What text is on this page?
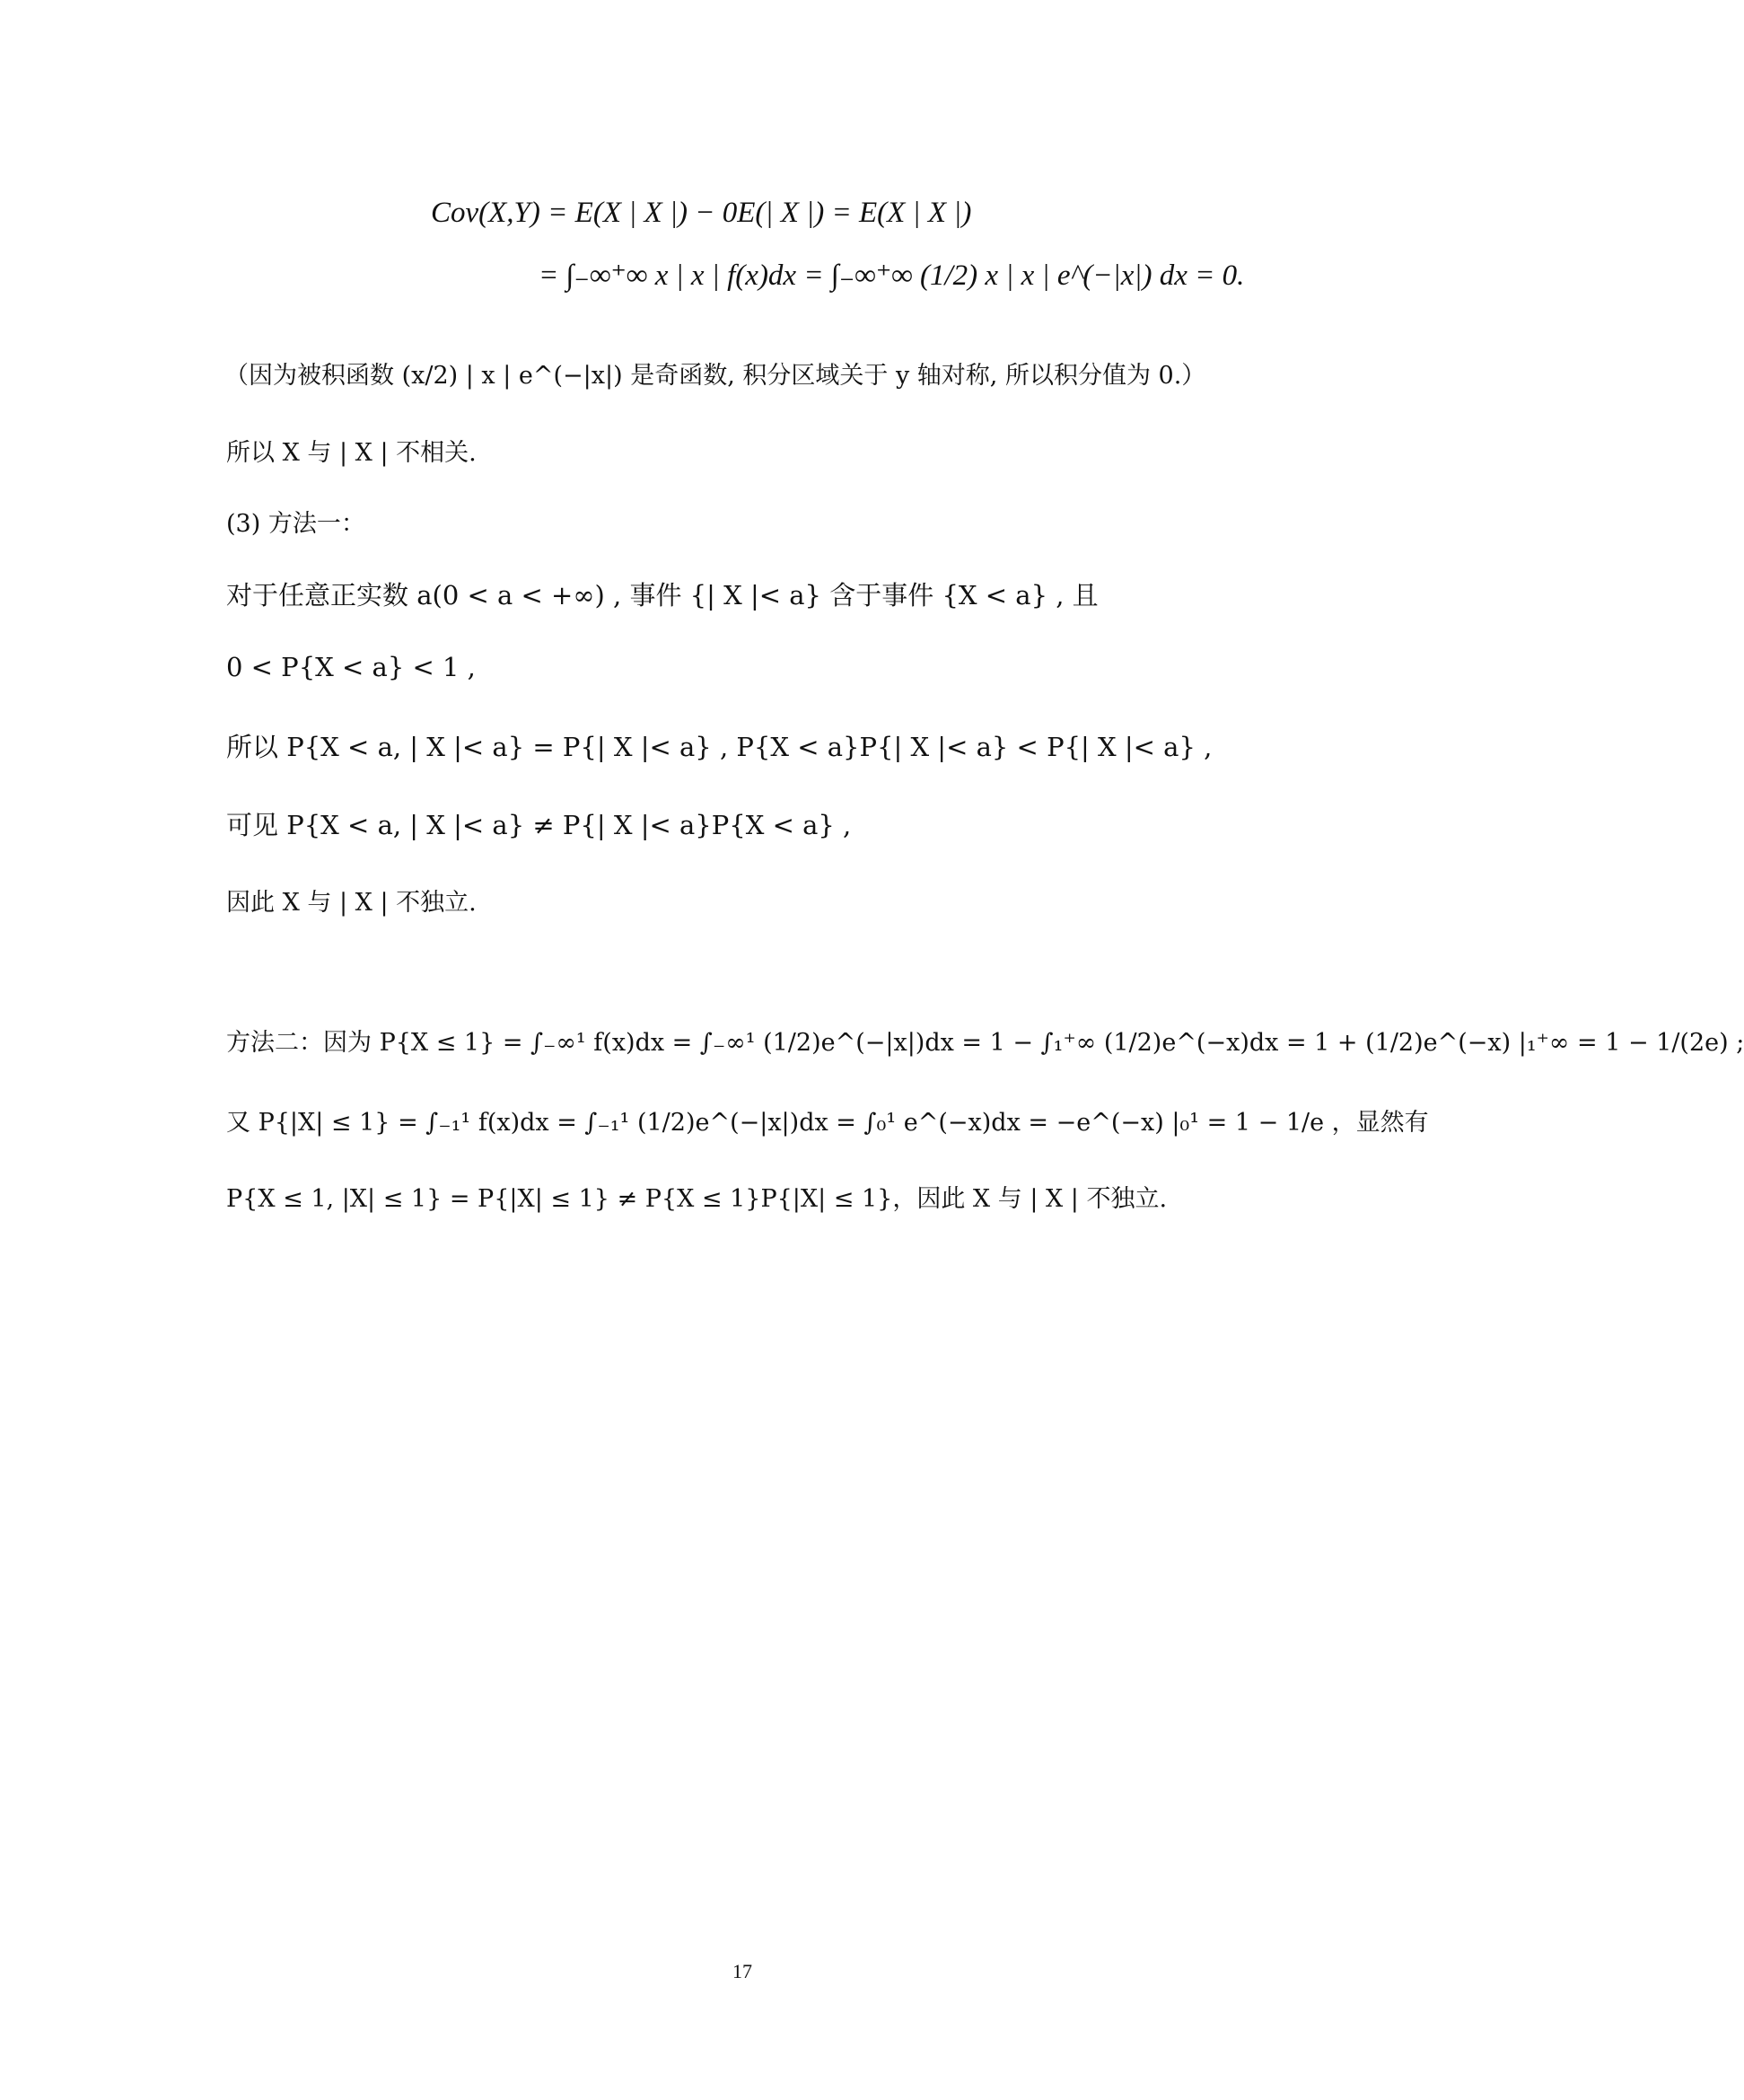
Cov(X,Y) = E(X | X |) − 0E(| X |) = E(X | X |)
= ∫₋∞⁺∞ x | x | f(x)dx = ∫₋∞⁺∞ (1/2) x | x | e^(−|x|) dx = 0.
（因为被积函数 (x/2) | x | e^(−|x|) 是奇函数, 积分区域关于 y 轴对称, 所以积分值为 0.）
所以 X 与 | X | 不相关.
(3) 方法一：
对于任意正实数 a(0 < a < +∞) , 事件 {| X |< a} 含于事件 {X < a} , 且
0 < P{X < a} < 1 ,
所以 P{X < a, | X |< a} = P{| X |< a} , P{X < a}P{| X |< a} < P{| X |< a} ,
可见 P{X < a, | X |< a} ≠ P{| X |< a}P{X < a} ,
因此 X 与 | X | 不独立.
方法二：因为 P{X ≤ 1} = ∫₋∞¹ f(x)dx = ∫₋∞¹ (1/2)e^(−|x|)dx = 1 − ∫₁⁺∞ (1/2)e^(−x)dx = 1 + (1/2)e^(−x) |₁⁺∞ = 1 − 1/(2e) ;
又 P{|X| ≤ 1} = ∫₋₁¹ f(x)dx = ∫₋₁¹ (1/2)e^(−|x|)dx = ∫₀¹ e^(−x)dx = −e^(−x) |₀¹ = 1 − 1/e ，显然有
P{X ≤ 1, |X| ≤ 1} = P{|X| ≤ 1} ≠ P{X ≤ 1}P{|X| ≤ 1}，因此 X 与 | X | 不独立.
17
